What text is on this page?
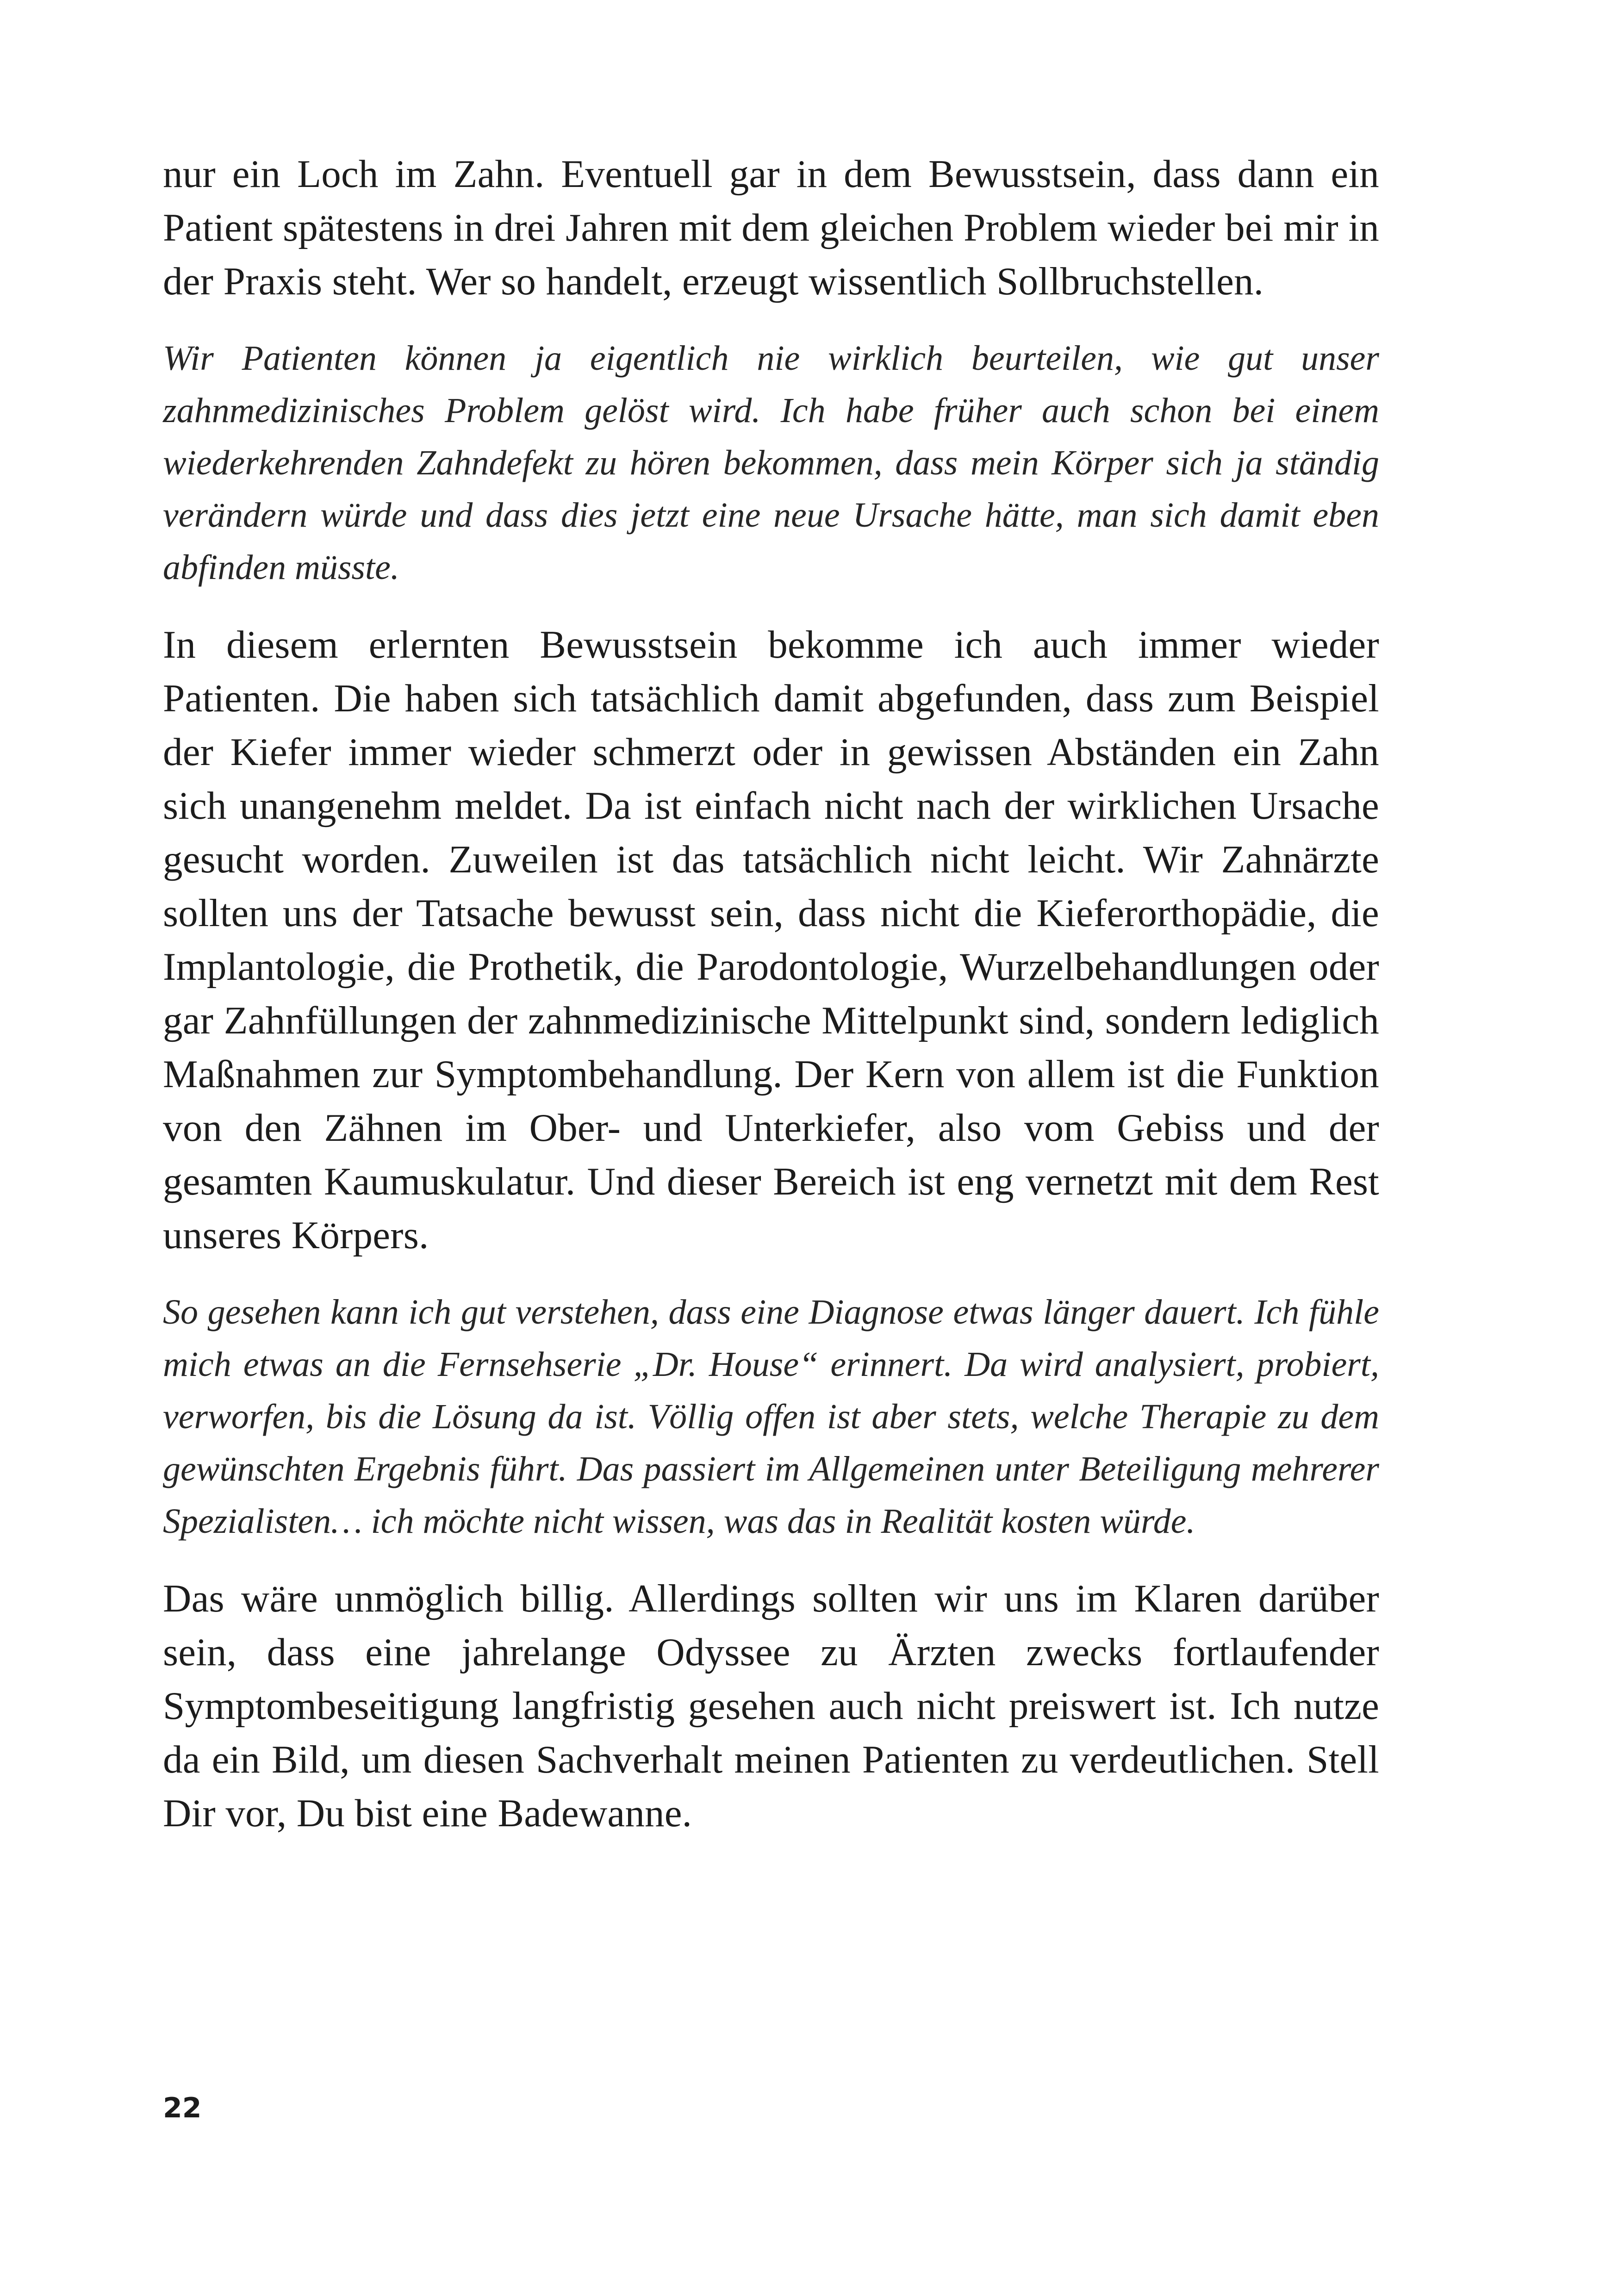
nur ein Loch im Zahn. Eventuell gar in dem Bewusstsein, dass dann ein Patient spätestens in drei Jahren mit dem gleichen Problem wieder bei mir in der Praxis steht. Wer so handelt, erzeugt wissentlich Sollbruchstellen.

Wir Patienten können ja eigentlich nie wirklich beurteilen, wie gut unser zahnmedizinisches Problem gelöst wird. Ich habe früher auch schon bei einem wiederkehrenden Zahndefekt zu hören bekommen, dass mein Körper sich ja ständig verändern würde und dass dies jetzt eine neue Ursache hätte, man sich damit eben abfinden müsste.

In diesem erlernten Bewusstsein bekomme ich auch immer wieder Patienten. Die haben sich tatsächlich damit abgefunden, dass zum Beispiel der Kiefer immer wieder schmerzt oder in gewissen Abständen ein Zahn sich unangenehm meldet. Da ist einfach nicht nach der wirklichen Ursache gesucht worden. Zuweilen ist das tatsächlich nicht leicht. Wir Zahnärzte sollten uns der Tatsache bewusst sein, dass nicht die Kieferorthopädie, die Implantologie, die Prothetik, die Parodontologie, Wurzelbehandlungen oder gar Zahnfüllungen der zahnmedizinische Mittelpunkt sind, sondern lediglich Maßnahmen zur Symptombehandlung. Der Kern von allem ist die Funktion von den Zähnen im Ober- und Unterkiefer, also vom Gebiss und der gesamten Kaumuskulatur. Und dieser Bereich ist eng vernetzt mit dem Rest unseres Körpers.

So gesehen kann ich gut verstehen, dass eine Diagnose etwas länger dauert. Ich fühle mich etwas an die Fernsehserie „Dr. House“ erinnert. Da wird analysiert, probiert, verworfen, bis die Lösung da ist. Völlig offen ist aber stets, welche Therapie zu dem gewünschten Ergebnis führt. Das passiert im Allgemeinen unter Beteiligung mehrerer Spezialisten… ich möchte nicht wissen, was das in Realität kosten würde.

Das wäre unmöglich billig. Allerdings sollten wir uns im Klaren darüber sein, dass eine jahrelange Odyssee zu Ärzten zwecks fortlaufender Symptombeseitigung langfristig gesehen auch nicht preiswert ist. Ich nutze da ein Bild, um diesen Sachverhalt meinen Patienten zu verdeutlichen. Stell Dir vor, Du bist eine Badewanne.

22
